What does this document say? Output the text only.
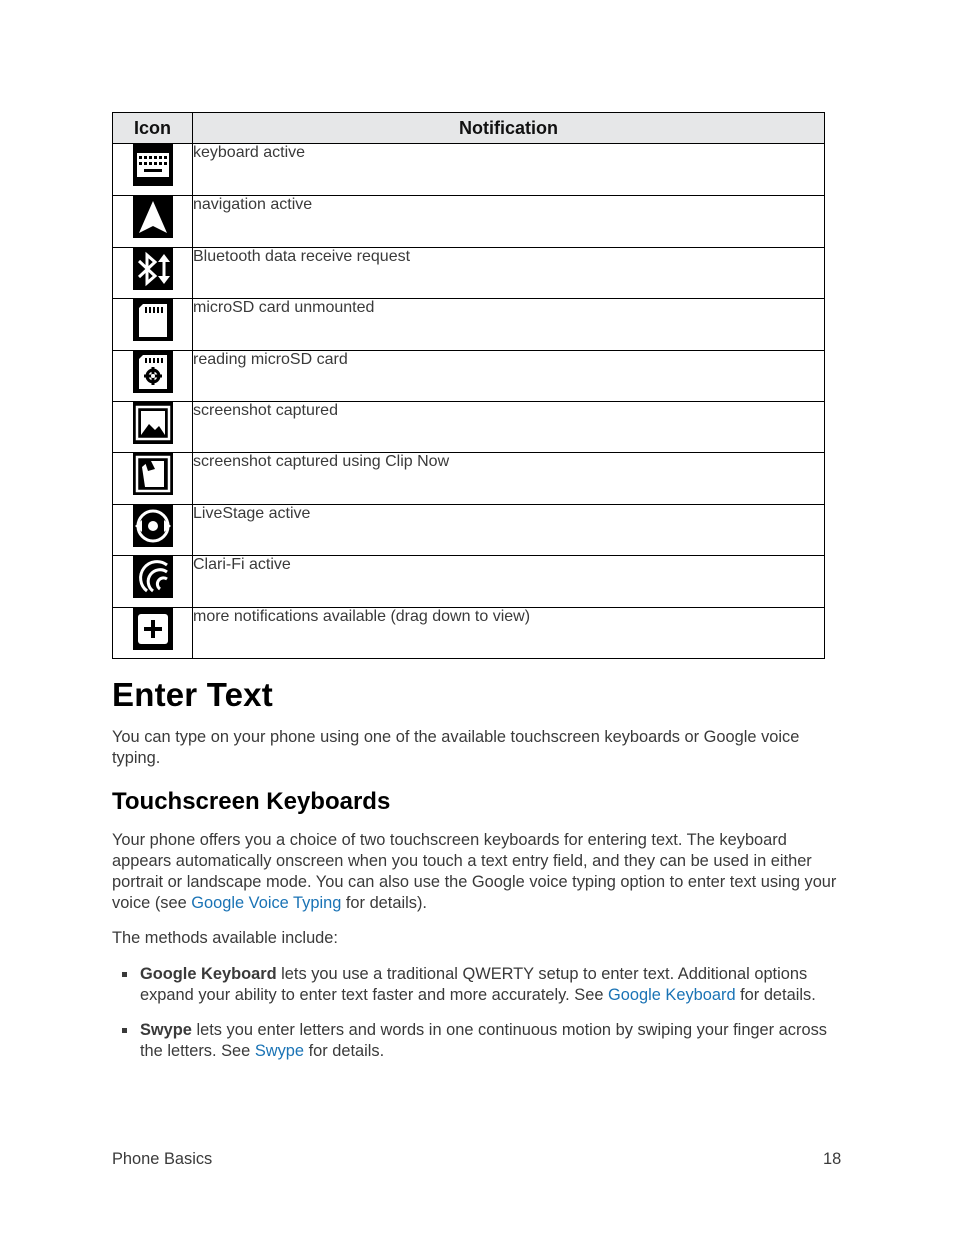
Icon	Notification

	keyboard active

	navigation active

	Bluetooth data receive request

	microSD card unmounted

	reading microSD card

	screenshot captured

	screenshot captured using Clip Now

	LiveStage active

	Clari-Fi active

	more notifications available (drag down to view)
Enter Text

You can type on your phone using one of the available touchscreen keyboards or Google voice typing.

Touchscreen Keyboards

Your phone offers you a choice of two touchscreen keyboards for entering text. The keyboard appears automatically onscreen when you touch a text entry field, and they can be used in either portrait or landscape mode. You can also use the Google voice typing option to enter text using your voice (see Google Voice Typing for details).

The methods available include:

Google Keyboard lets you use a traditional QWERTY setup to enter text. Additional options expand your ability to enter text faster and more accurately. See Google Keyboard for details.
Swype lets you enter letters and words in one continuous motion by swiping your finger across the letters. See Swype for details.
Phone Basics	18
